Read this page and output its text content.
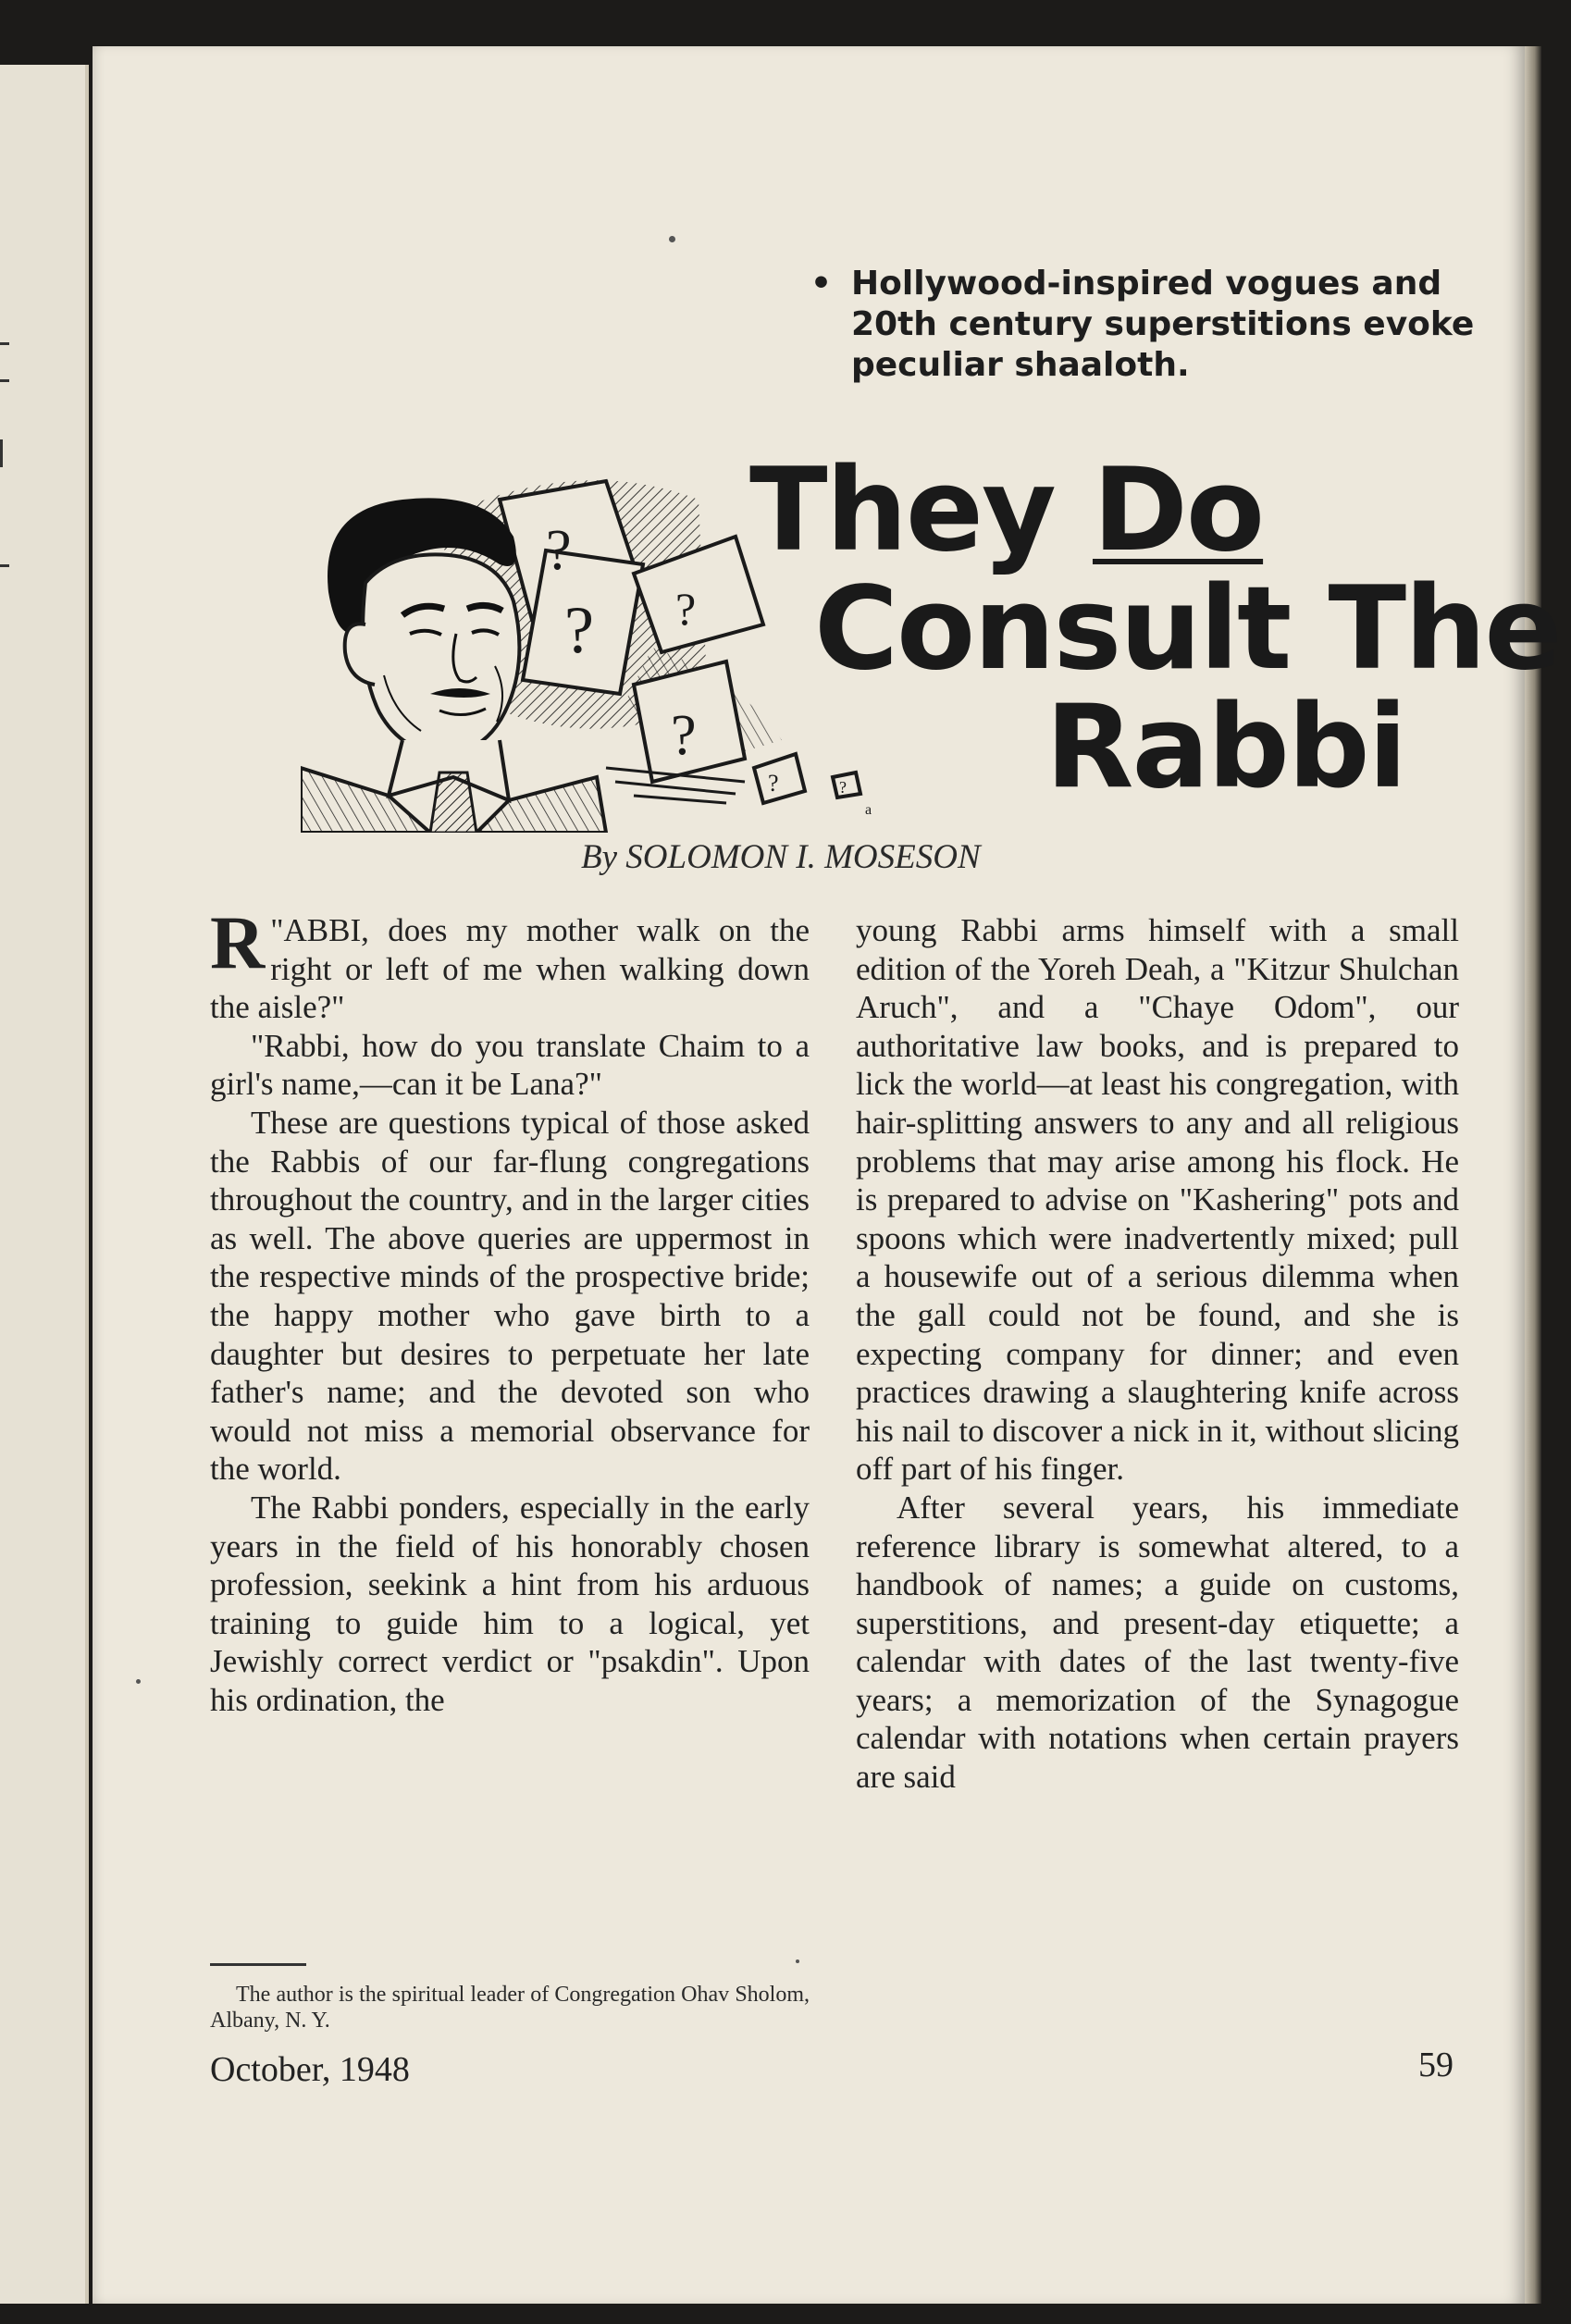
• Hollywood-inspired vogues and 20th century superstitions evoke peculiar shaaloth.
?
? ?
?
?	?
a
They Do
Consult The
Rabbi
By SOLOMON I. MOSESON

"
R ABBI, does my mother walk on the right or left of me when walking down the aisle?"

"Rabbi, how do you translate Chaim to a girl's name,—can it be Lana?"

These are questions typical of those asked the Rabbis of our far-flung congregations throughout the country, and in the larger cities as well. The above queries are uppermost in the respective minds of the prospective bride; the happy mother who gave birth to a daughter but desires to perpetuate her late father's name; and the devoted son who would not miss a memorial observance for the world.

The Rabbi ponders, especially in the early years in the field of his honorably chosen profession, seekink a hint from his arduous training to guide him to a logical, yet Jewishly correct verdict or "psakdin". Upon his ordination, the

young Rabbi arms himself with a small edition of the Yoreh Deah, a "Kitzur Shulchan Aruch", and a "Chaye Odom", our authoritative law books, and is prepared to lick the world—at least his congregation, with hair-splitting answers to any and all religious problems that may arise among his flock. He is prepared to advise on "Kashering" pots and spoons which were inadvertently mixed; pull a housewife out of a serious dilemma when the gall could not be found, and she is expecting company for dinner; and even practices drawing a slaughtering knife across his nail to discover a nick in it, without slicing off part of his finger.

After several years, his immediate reference library is somewhat altered, to a handbook of names; a guide on customs, superstitions, and present-day etiquette; a calendar with dates of the last twenty-five years; a memorization of the Synagogue calendar with notations when certain prayers are said

The author is the spiritual leader of Congregation Ohav Sholom, Albany, N. Y.

October, 1948	59
